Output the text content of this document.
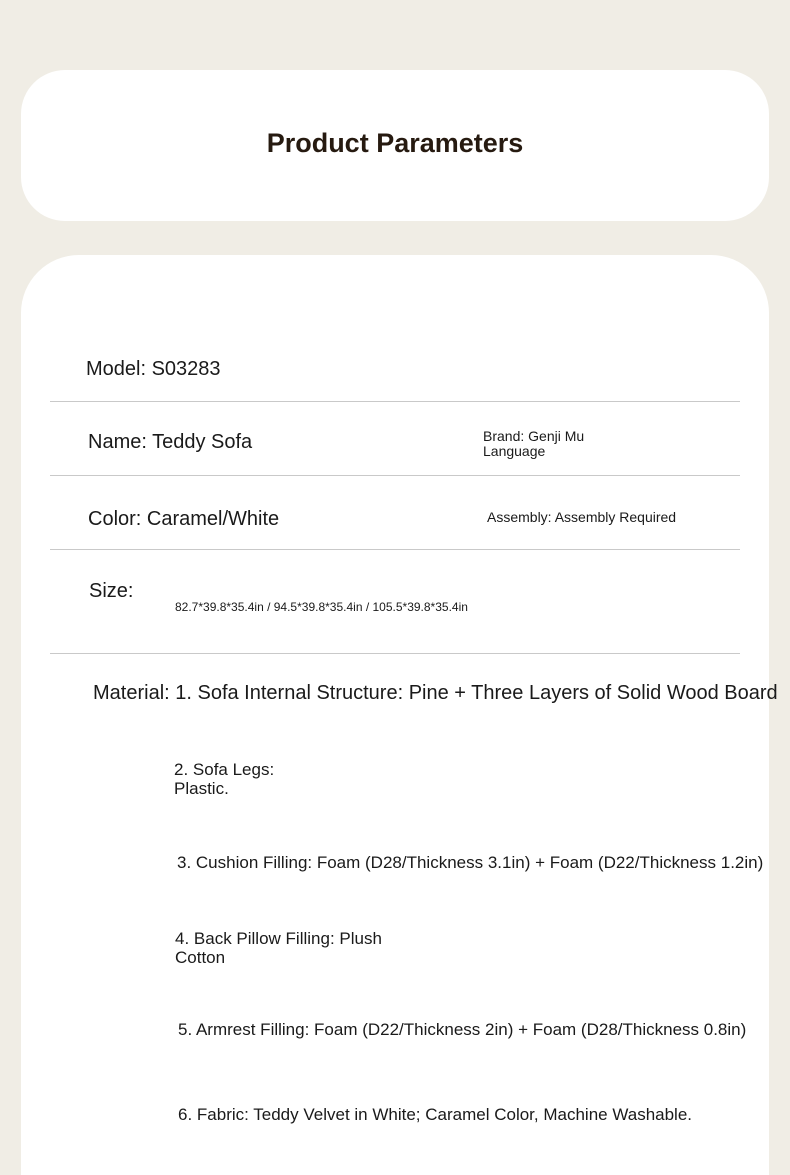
Product Parameters
Model: S03283
Name: Teddy Sofa	Brand: Genji Mu
Language
Color: Caramel/White	Assembly: Assembly Required
Size:
82.7*39.8*35.4in / 94.5*39.8*35.4in / 105.5*39.8*35.4in
Material: 1. Sofa Internal Structure: Pine + Three Layers of Solid Wood Board
2. Sofa Legs:
Plastic.
3. Cushion Filling: Foam (D28/Thickness 3.1in) + Foam (D22/Thickness 1.2in)
4. Back Pillow Filling: Plush
Cotton
5. Armrest Filling: Foam (D22/Thickness 2in) + Foam (D28/Thickness 0.8in)
6. Fabric: Teddy Velvet in White; Caramel Color, Machine Washable.
